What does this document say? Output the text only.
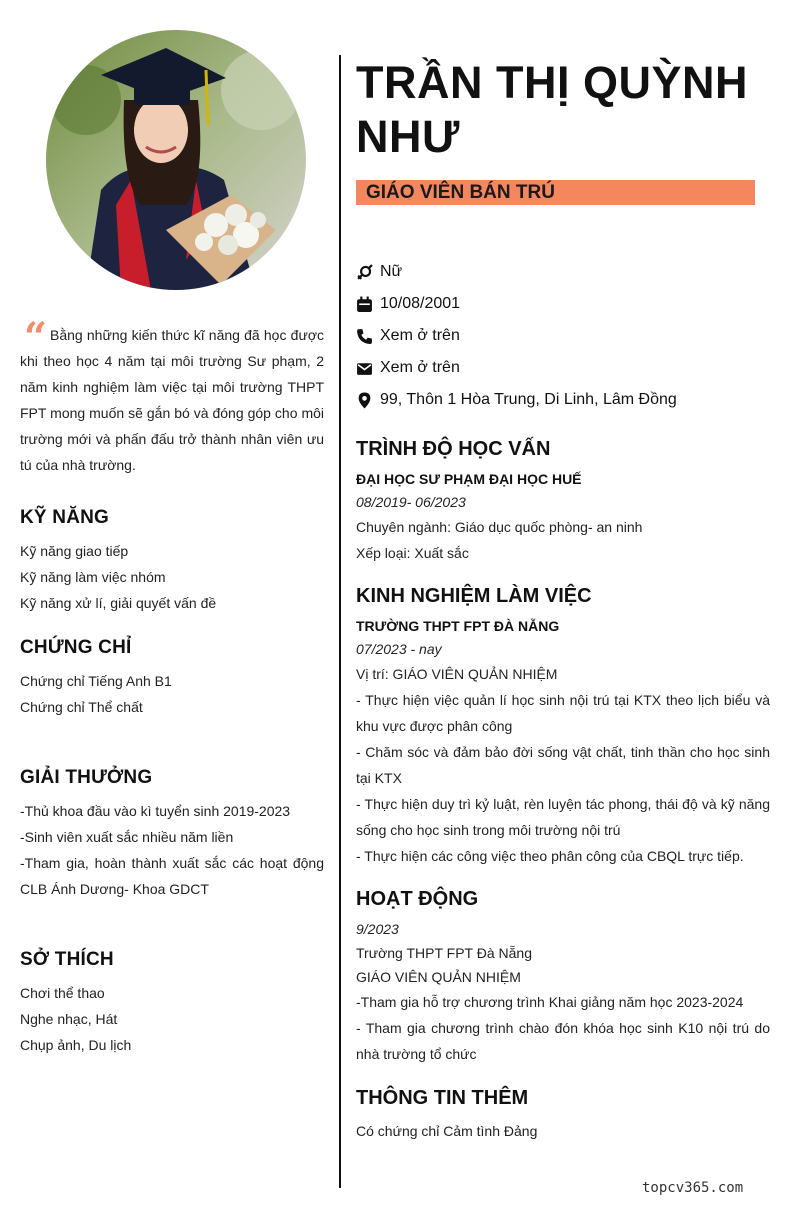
“ Bằng những kiến thức kĩ năng đã học được khi theo học 4 năm tại môi trường Sư phạm, 2 năm kinh nghiệm làm việc tại môi trường THPT FPT mong muốn sẽ gắn bó và đóng góp cho môi trường mới và phấn đấu trở thành nhân viên ưu tú của nhà trường.
KỸ NĂNG
Kỹ năng giao tiếp
Kỹ năng làm việc nhóm
Kỹ năng xử lí, giải quyết vấn đề
CHỨNG CHỈ
Chứng chỉ Tiếng Anh B1
Chứng chỉ Thể chất
GIẢI THƯỞNG
-Thủ khoa đầu vào kì tuyển sinh 2019-2023
-Sinh viên xuất sắc nhiều năm liền
-Tham gia, hoàn thành xuất sắc các hoạt động CLB Ánh Dương- Khoa GDCT
SỞ THÍCH
Chơi thể thao
Nghe nhạc, Hát
Chụp ảnh, Du lịch
TRẦN THỊ QUỲNH NHƯ
GIÁO VIÊN BÁN TRÚ
Nữ
10/08/2001
Xem ở trên
Xem ở trên
99, Thôn 1 Hòa Trung, Di Linh, Lâm Đồng
TRÌNH ĐỘ HỌC VẤN
ĐẠI HỌC SƯ PHẠM ĐẠI HỌC HUẾ
08/2019- 06/2023
Chuyên ngành: Giáo dục quốc phòng- an ninh
Xếp loại: Xuất sắc
KINH NGHIỆM LÀM VIỆC
TRƯỜNG THPT FPT ĐÀ NẴNG
07/2023 - nay
Vị trí: GIÁO VIÊN QUẢN NHIỆM
- Thực hiện việc quản lí học sinh nội trú tại KTX theo lịch biểu và khu vực được phân công
- Chăm sóc và đảm bảo đời sống vật chất, tinh thần cho học sinh tại KTX
- Thực hiện duy trì kỷ luật, rèn luyện tác phong, thái độ và kỹ năng sống cho học sinh trong môi trường nội trú
- Thực hiện các công việc theo phân công của CBQL trực tiếp.
HOẠT ĐỘNG
9/2023
Trường THPT FPT Đà Nẵng
GIÁO VIÊN QUẢN NHIỆM
-Tham gia hỗ trợ chương trình Khai giảng năm học 2023-2024
- Tham gia chương trình chào đón khóa học sinh K10 nội trú do nhà trường tổ chức
THÔNG TIN THÊM
Có chứng chỉ Cảm tình Đảng
topcv365.com
